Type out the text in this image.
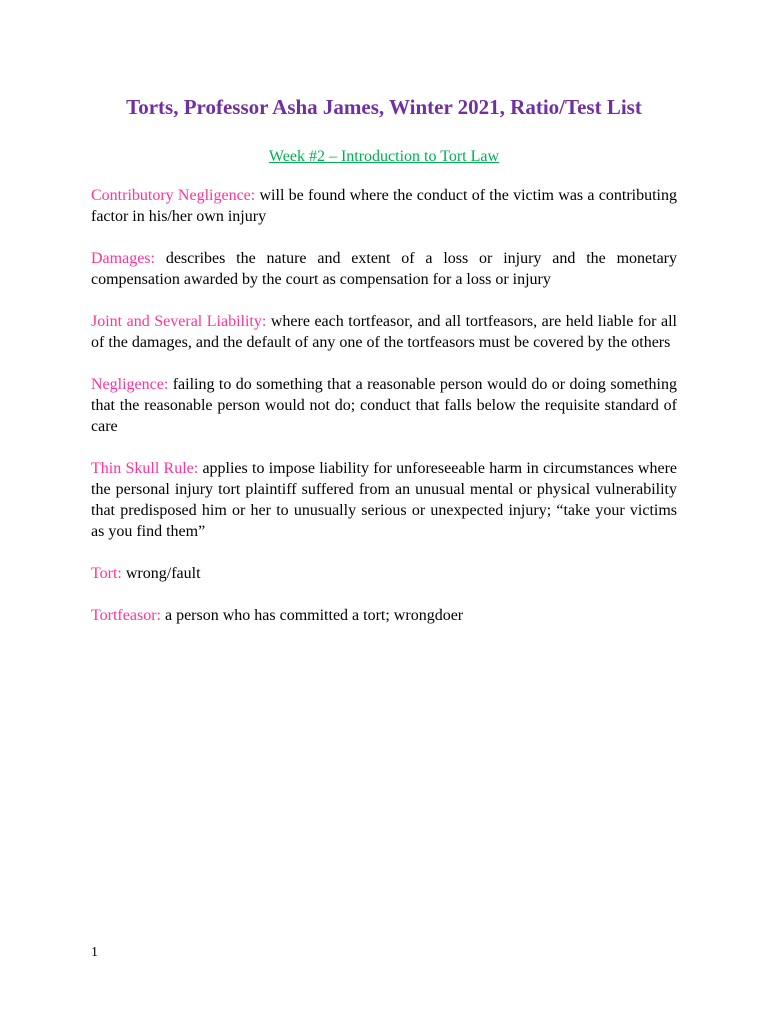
Torts, Professor Asha James, Winter 2021, Ratio/Test List
Week #2 – Introduction to Tort Law

Contributory Negligence: will be found where the conduct of the victim was a contributing factor in his/her own injury

Damages: describes the nature and extent of a loss or injury and the monetary compensation awarded by the court as compensation for a loss or injury

Joint and Several Liability: where each tortfeasor, and all tortfeasors, are held liable for all of the damages, and the default of any one of the tortfeasors must be covered by the others

Negligence: failing to do something that a reasonable person would do or doing something that the reasonable person would not do; conduct that falls below the requisite standard of care

Thin Skull Rule: applies to impose liability for unforeseeable harm in circumstances where the personal injury tort plaintiff suffered from an unusual mental or physical vulnerability that predisposed him or her to unusually serious or unexpected injury; “take your victims as you find them”

Tort: wrong/fault

Tortfeasor: a person who has committed a tort; wrongdoer

1
